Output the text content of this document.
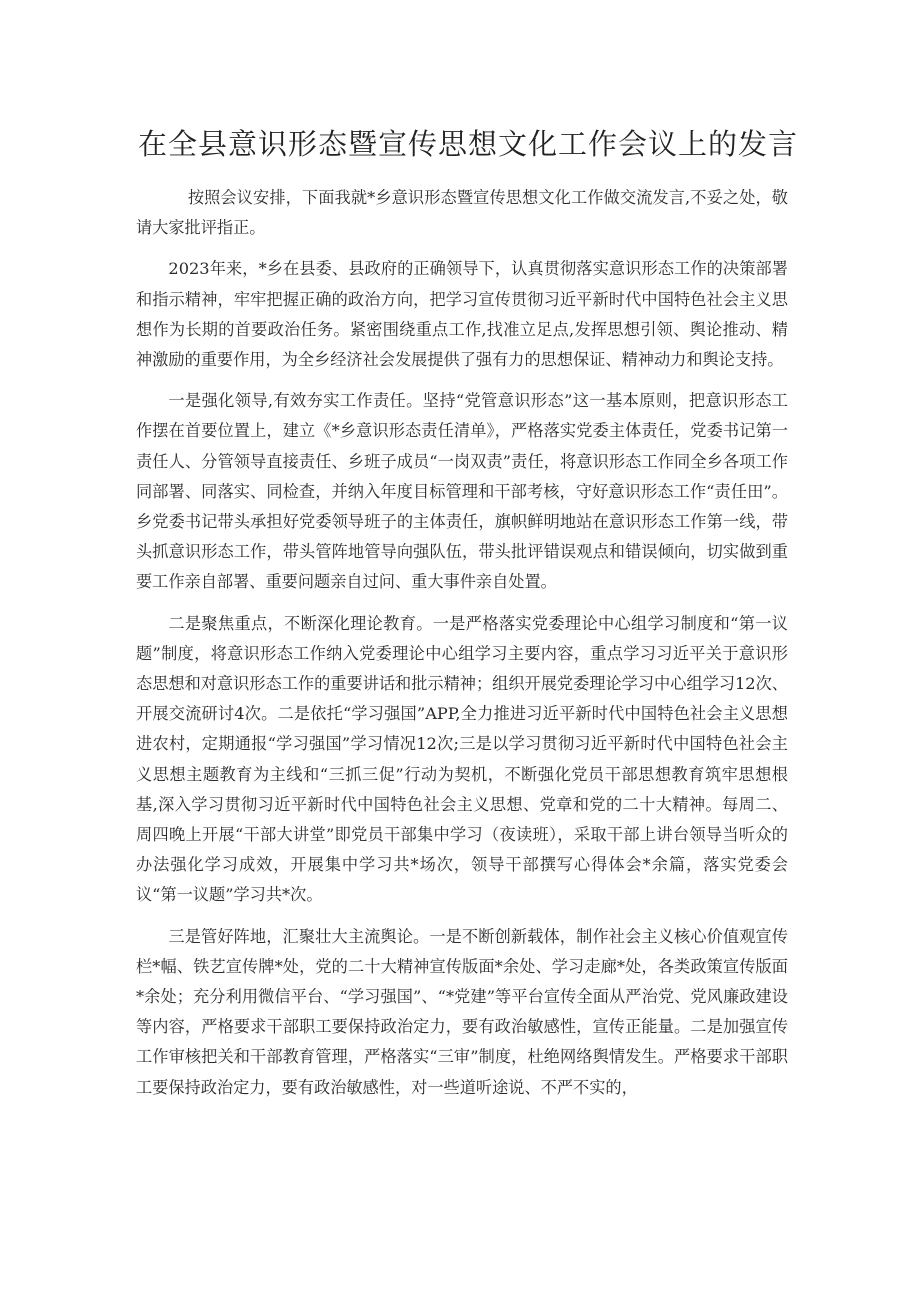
在全县意识形态暨宣传思想文化工作会议上的发言

按照会议安排，下面我就*乡意识形态暨宣传思想文化工作做交流发言,不妥之处，敬请大家批评指正。

2023年来，*乡在县委、县政府的正确领导下，认真贯彻落实意识形态工作的决策部署和指示精神，牢牢把握正确的政治方向，把学习宣传贯彻习近平新时代中国特色社会主义思想作为长期的首要政治任务。紧密围绕重点工作,找准立足点,发挥思想引领、舆论推动、精神激励的重要作用，为全乡经济社会发展提供了强有力的思想保证、精神动力和舆论支持。

一是强化领导,有效夯实工作责任。坚持“党管意识形态”这一基本原则，把意识形态工作摆在首要位置上，建立《*乡意识形态责任清单》，严格落实党委主体责任，党委书记第一责任人、分管领导直接责任、乡班子成员“一岗双责”责任，将意识形态工作同全乡各项工作同部署、同落实、同检查，并纳入年度目标管理和干部考核，守好意识形态工作“责任田”。乡党委书记带头承担好党委领导班子的主体责任，旗帜鲜明地站在意识形态工作第一线，带头抓意识形态工作，带头管阵地管导向强队伍，带头批评错误观点和错误倾向，切实做到重要工作亲自部署、重要问题亲自过问、重大事件亲自处置。

二是聚焦重点，不断深化理论教育。一是严格落实党委理论中心组学习制度和“第一议题”制度，将意识形态工作纳入党委理论中心组学习主要内容，重点学习习近平关于意识形态思想和对意识形态工作的重要讲话和批示精神；组织开展党委理论学习中心组学习12次、开展交流研讨4次。二是依托“学习强国”APP,全力推进习近平新时代中国特色社会主义思想进农村，定期通报“学习强国”学习情况12次;三是以学习贯彻习近平新时代中国特色社会主义思想主题教育为主线和“三抓三促”行动为契机，不断强化党员干部思想教育筑牢思想根基,深入学习贯彻习近平新时代中国特色社会主义思想、党章和党的二十大精神。每周二、周四晚上开展“干部大讲堂”即党员干部集中学习（夜读班），采取干部上讲台领导当听众的办法强化学习成效，开展集中学习共*场次，领导干部撰写心得体会*余篇，落实党委会议“第一议题”学习共*次。

三是管好阵地，汇聚壮大主流舆论。一是不断创新载体，制作社会主义核心价值观宣传栏*幅、铁艺宣传牌*处，党的二十大精神宣传版面*余处、学习走廊*处，各类政策宣传版面*余处；充分利用微信平台、“学习强国”、“*党建”等平台宣传全面从严治党、党风廉政建设等内容，严格要求干部职工要保持政治定力，要有政治敏感性，宣传正能量。二是加强宣传工作审核把关和干部教育管理，严格落实“三审”制度，杜绝网络舆情发生。严格要求干部职工要保持政治定力，要有政治敏感性，对一些道听途说、不严不实的，
